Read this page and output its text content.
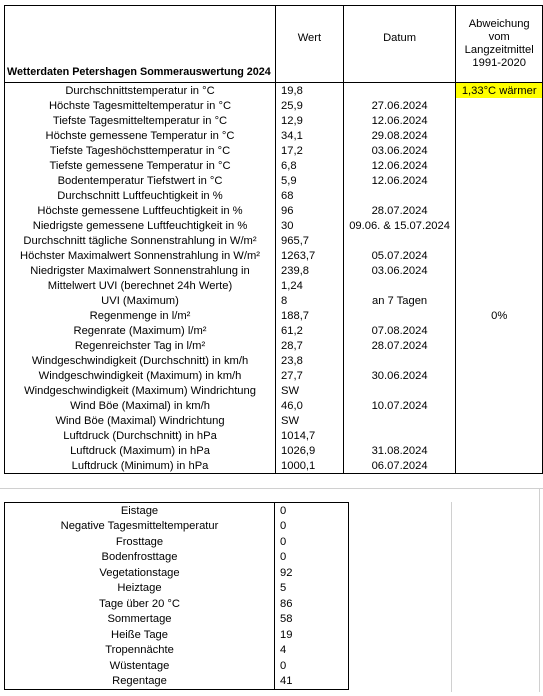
Wetterdaten Petershagen Sommerauswertung 2024	Wert	Datum	Abweichung vom Langzeitmittel 1991-2020
Durchschnittstemperatur in °C	19,8		1,33°C wärmer
Höchste Tagesmitteltemperatur in °C	25,9	27.06.2024	
Tiefste Tagesmitteltemperatur in °C	12,9	12.06.2024	
Höchste gemessene Temperatur in °C	34,1	29.08.2024	
Tiefste Tageshöchsttemperatur in °C	17,2	03.06.2024	
Tiefste gemessene Temperatur in °C	6,8	12.06.2024	
Bodentemperatur Tiefstwert in °C	5,9	12.06.2024	
Durchschnitt Luftfeuchtigkeit in %	68		
Höchste gemessene Luftfeuchtigkeit in %	96	28.07.2024	
Niedrigste gemessene Luftfeuchtigkeit in %	30	09.06. & 15.07.2024	
Durchschnitt tägliche Sonnenstrahlung in W/m²	965,7		
Höchster Maximalwert Sonnenstrahlung in W/m²	1263,7	05.07.2024	
Niedrigster Maximalwert Sonnenstrahlung in	239,8	03.06.2024	
Mittelwert UVI (berechnet 24h Werte)	1,24		
UVI (Maximum)	8	an 7 Tagen	
Regenmenge in l/m²	188,7		0%
Regenrate (Maximum) l/m²	61,2	07.08.2024	
Regenreichster Tag in l/m²	28,7	28.07.2024	
Windgeschwindigkeit (Durchschnitt) in km/h	23,8		
Windgeschwindigkeit (Maximum) in km/h	27,7	30.06.2024	
Windgeschwindigkeit (Maximum) Windrichtung	SW		
Wind Böe (Maximal) in km/h	46,0	10.07.2024	
Wind Böe (Maximal) Windrichtung	SW		
Luftdruck (Durchschnitt) in hPa	1014,7		
Luftdruck (Maximum) in hPa	1026,9	31.08.2024	
Luftdruck (Minimum) in hPa	1000,1	06.07.2024	
Eistage	0
Negative Tagesmitteltemperatur	0
Frosttage	0
Bodenfrosttage	0
Vegetationstage	92
Heiztage	5
Tage über 20 °C	86
Sommertage	58
Heiße Tage	19
Tropennächte	4
Wüstentage	0
Regentage	41
